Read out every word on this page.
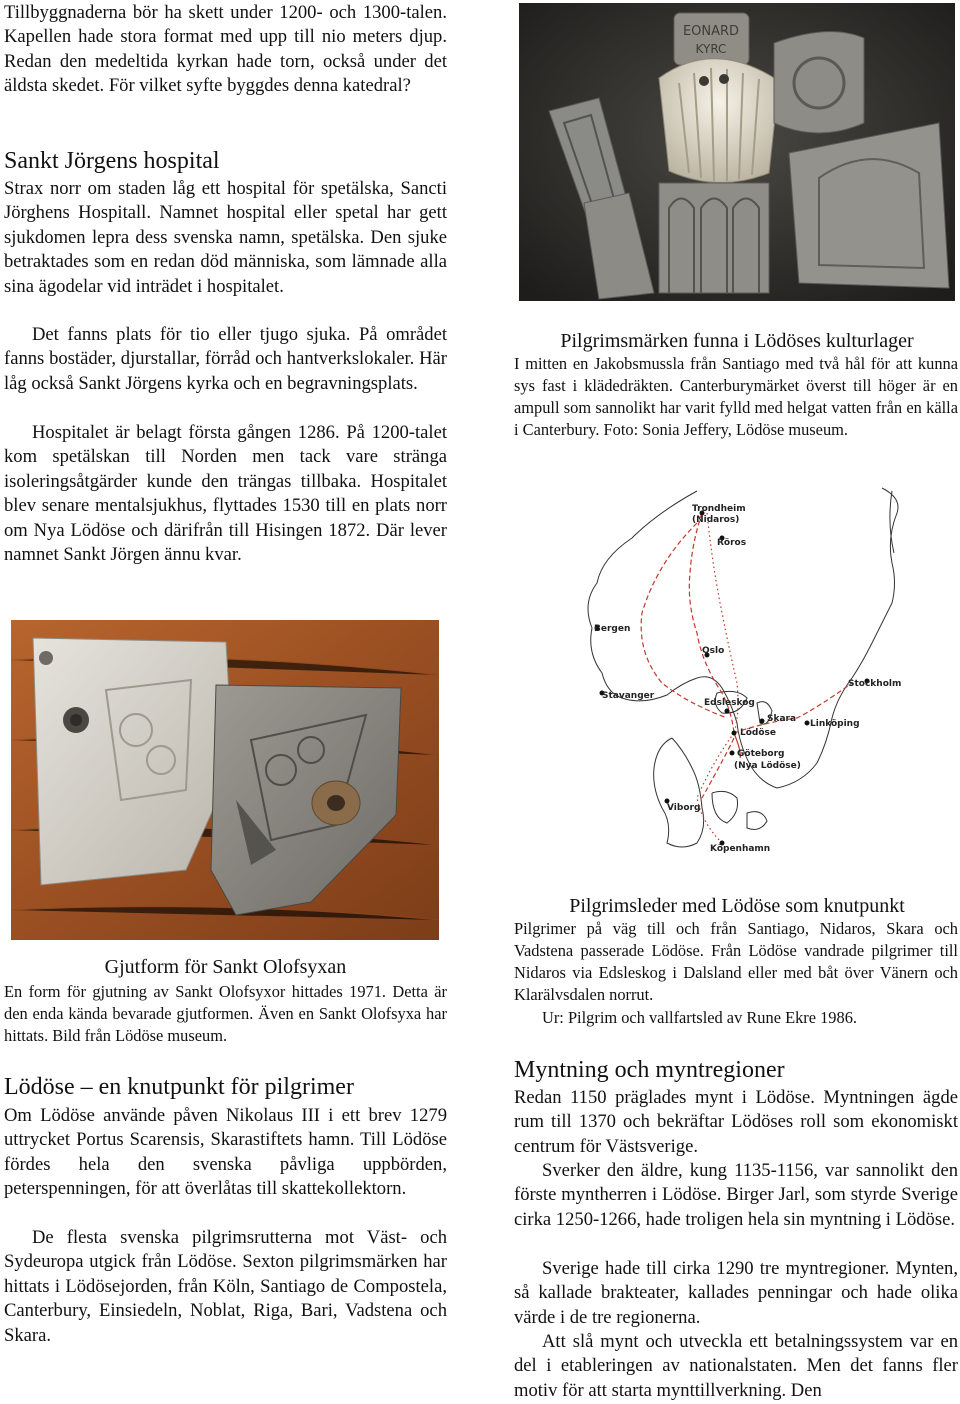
Tillbyggnaderna bör ha skett under 1200- och 1300-talen. Kapellen hade stora format med upp till nio meters djup. Redan den medeltida kyrkan hade torn, också under det äldsta skedet. För vilket syfte byggdes denna katedral?
Sankt Jörgens hospital
Strax norr om staden låg ett hospital för spetälska, Sancti Jörghens Hospitall. Namnet hospital eller spetal har gett sjukdomen lepra dess svenska namn, spetälska. Den sjuke betraktades som en redan död människa, som lämnade alla sina ägodelar vid inträdet i hospitalet.
Det fanns plats för tio eller tjugo sjuka. På området fanns bostäder, djurstallar, förråd och hantverkslokaler. Här låg också Sankt Jörgens kyrka och en begravningsplats.
Hospitalet är belagt första gången 1286. På 1200-talet kom spetälskan till Norden men tack vare stränga isoleringsåtgärder kunde den trängas tillbaka. Hospitalet blev senare mentalsjukhus, flyttades 1530 till en plats norr om Nya Lödöse och därifrån till Hisingen 1872. Där lever namnet Sankt Jörgen ännu kvar.
EONARD
KYRC
Pilgrimsmärken funna i Lödöses kulturlager
I mitten en Jakobsmussla från Santiago med två hål för att kunna sys fast i klädedräkten. Canterburymärket överst till höger är en ampull som sannolikt har varit fylld med helgat vatten från en källa i Canterbury. Foto: Sonia Jeffery, Lödöse museum.
Trondheim
(Nidaros)
Röros
Bergen
Oslo
Stockholm
Stavanger
Edsleskog
Skara Linköping
Lödöse
Göteborg
(Nya Lödöse)
Viborg
Köpenhamn
Gjutform för Sankt Olofsyxan
En form för gjutning av Sankt Olofsyxor hittades 1971. Detta är den enda kända bevarade gjutformen. Även en Sankt Olofsyxa har hittats. Bild från Lödöse museum.
Pilgrimsleder med Lödöse som knutpunkt
Pilgrimer på väg till och från Santiago, Nidaros, Skara och Vadstena passerade Lödöse. Från Lödöse vandrade pilgrimer till Nidaros via Edsleskog i Dalsland eller med båt över Vänern och Klarälvsdalen norrut.
Ur: Pilgrim och vallfartsled av Rune Ekre 1986.
Lödöse – en knutpunkt för pilgrimer
Om Lödöse använde påven Nikolaus III i ett brev 1279 uttrycket Portus Scarensis, Skarastiftets hamn. Till Lödöse fördes hela den svenska påvliga uppbörden, peterspenningen, för att överlåtas till skattekollektorn.
De flesta svenska pilgrimsrutterna mot Väst- och Sydeuropa utgick från Lödöse. Sexton pilgrimsmärken har hittats i Lödösejorden, från Köln, Santiago de Compostela, Canterbury, Einsiedeln, Noblat, Riga, Bari, Vadstena och Skara.
Myntning och myntregioner
Redan 1150 präglades mynt i Lödöse. Myntningen ägde rum till 1370 och bekräftar Lödöses roll som ekonomiskt centrum för Västsverige.
Sverker den äldre, kung 1135-1156, var sannolikt den förste myntherren i Lödöse. Birger Jarl, som styrde Sverige cirka 1250-1266, hade troligen hela sin myntning i Lödöse.
Sverige hade till cirka 1290 tre myntregioner. Mynten, så kallade brakteater, kallades penningar och hade olika värde i de tre regionerna.
Att slå mynt och utveckla ett betalningssystem var en del i etableringen av nationalstaten. Men det fanns fler motiv för att starta mynttillverkning. Den
